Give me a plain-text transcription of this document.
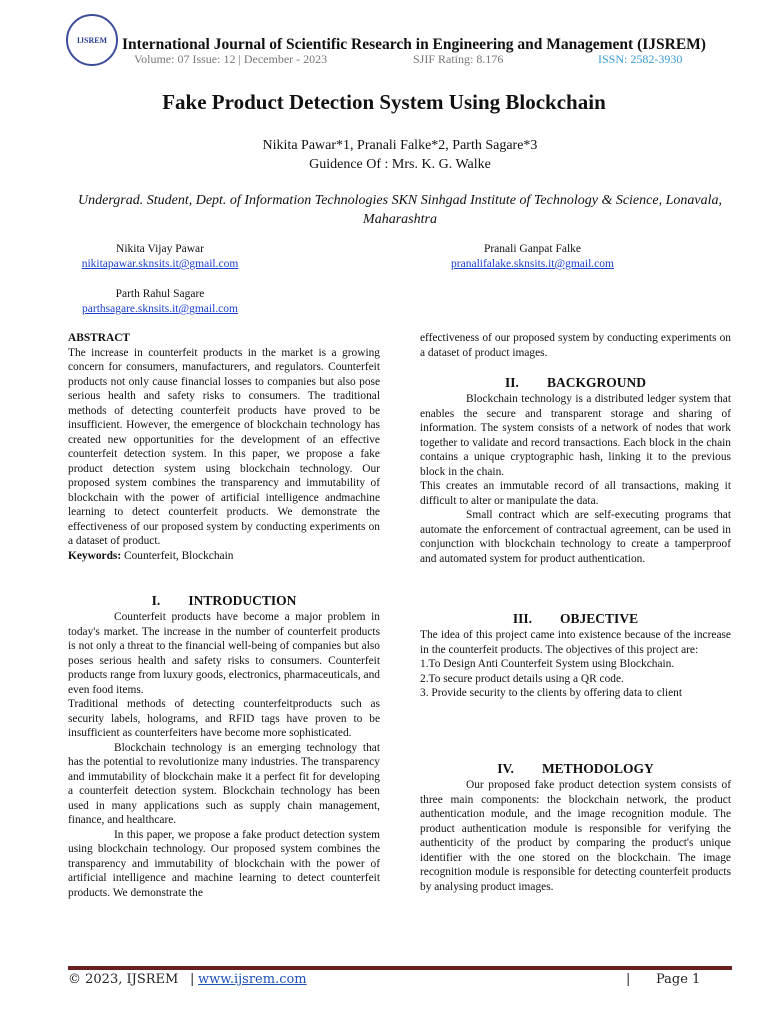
IJSREM International Journal of Scientific Research in Engineering and Management (IJSREM)
Volume: 07 Issue: 12 | December - 2023	SJIF Rating: 8.176	ISSN: 2582-3930
Fake Product Detection System Using Blockchain
Nikita Pawar*1, Pranali Falke*2, Parth Sagare*3
Guidence Of : Mrs. K. G. Walke
Undergrad. Student, Dept. of Information Technologies SKN Sinhgad Institute of Technology & Science, Lonavala, Maharashtra
Nikita Vijay Pawar
nikitapawar.sknsits.it@gmail.com
Pranali Ganpat Falke
pranalifalake.sknsits.it@gmail.com
Parth Rahul Sagare
parthsagare.sknsits.it@gmail.com
ABSTRACT

The increase in counterfeit products in the market is a growing concern for consumers, manufacturers, and regulators. Counterfeit products not only cause financial losses to companies but also pose serious health and safety risks to consumers. The traditional methods of detecting counterfeit products have proved to be insufficient. However, the emergence of blockchain technology has created new opportunities for the development of an effective counterfeit detection system. In this paper, we propose a fake product detection system using blockchain technology. Our proposed system combines the transparency and immutability of blockchain with the power of artificial intelligence andmachine learning to detect counterfeit products. We demonstrate the effectiveness of our proposed system by conducting experiments on a dataset of product.

Keywords: Counterfeit, Blockchain

I. INTRODUCTION

Counterfeit products have become a major problem in today's market. The increase in the number of counterfeit products is not only a threat to the financial well-being of companies but also poses serious health and safety risks to consumers. Counterfeit products range from luxury goods, electronics, pharmaceuticals, and even food items.

Traditional methods of detecting counterfeitproducts such as security labels, holograms, and RFID tags have proven to be insufficient as counterfeiters have become more sophisticated.

Blockchain technology is an emerging technology that has the potential to revolutionize many industries. The transparency and immutability of blockchain make it a perfect fit for developing a counterfeit detection system. Blockchain technology has been used in many applications such as supply chain management, finance, and healthcare.

In this paper, we propose a fake product detection system using blockchain technology. Our proposed system combines the transparency and immutability of blockchain with the power of artificial intelligence and machine learning to detect counterfeit products. We demonstrate the

effectiveness of our proposed system by conducting experiments on a dataset of product images.

II. BACKGROUND

Blockchain technology is a distributed ledger system that enables the secure and transparent storage and sharing of information. The system consists of a network of nodes that work together to validate and record transactions. Each block in the chain contains a unique cryptographic hash, linking it to the previous block in the chain.

This creates an immutable record of all transactions, making it difficult to alter or manipulate the data.

Small contract which are self-executing programs that automate the enforcement of contractual agreement, can be used in conjunction with blockchain technology to create a tamperproof and automated system for product authentication.

III. OBJECTIVE

The idea of this project came into existence because of the increase in the counterfeit products. The objectives of this project are:

1.To Design Anti Counterfeit System using Blockchain.

2.To secure product details using a QR code.

3. Provide security to the clients by offering data to client

IV. METHODOLOGY

Our proposed fake product detection system consists of three main components: the blockchain network, the product authentication module, and the image recognition module. The product authentication module is responsible for verifying the authenticity of the product by comparing the product's unique identifier with the one stored on the blockchain. The image recognition module is responsible for detecting counterfeit products by analysing product images.

© 2023, IJSREM | www.ijsrem.com	| Page 1
